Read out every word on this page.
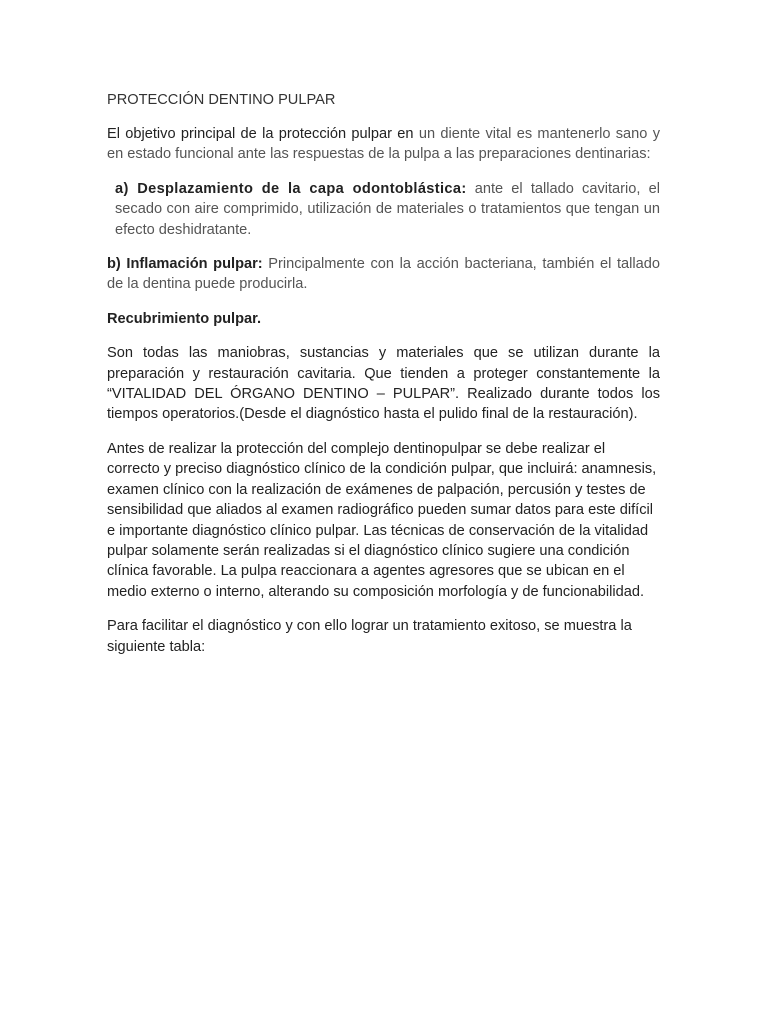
PROTECCIÓN DENTINO PULPAR

El objetivo principal de la protección pulpar en un diente vital es mantenerlo sano y en estado funcional ante las respuestas de la pulpa a las preparaciones dentinarias:

a) Desplazamiento de la capa odontoblástica: ante el tallado cavitario, el secado con aire comprimido, utilización de materiales o tratamientos que tengan un efecto deshidratante.

b) Inflamación pulpar: Principalmente con la acción bacteriana, también el tallado de la dentina puede producirla.

Recubrimiento pulpar.

Son todas las maniobras, sustancias y materiales que se utilizan durante la preparación y restauración cavitaria. Que tienden a proteger constantemente la “VITALIDAD DEL ÓRGANO DENTINO – PULPAR”. Realizado durante todos los tiempos operatorios.(Desde el diagnóstico hasta el pulido final de la restauración).

Antes de realizar la protección del complejo dentinopulpar se debe realizar el correcto y preciso diagnóstico clínico de la condición pulpar, que incluirá: anamnesis, examen clínico con la realización de exámenes de palpación, percusión y testes de sensibilidad que aliados al examen radiográfico pueden sumar datos para este difícil e importante diagnóstico clínico pulpar. Las técnicas de conservación de la vitalidad pulpar solamente serán realizadas si el diagnóstico clínico sugiere una condición clínica favorable. La pulpa reaccionara a agentes agresores que se ubican en el medio externo o interno, alterando su composición morfología y de funcionabilidad.

Para facilitar el diagnóstico y con ello lograr un tratamiento exitoso, se muestra la siguiente tabla:
